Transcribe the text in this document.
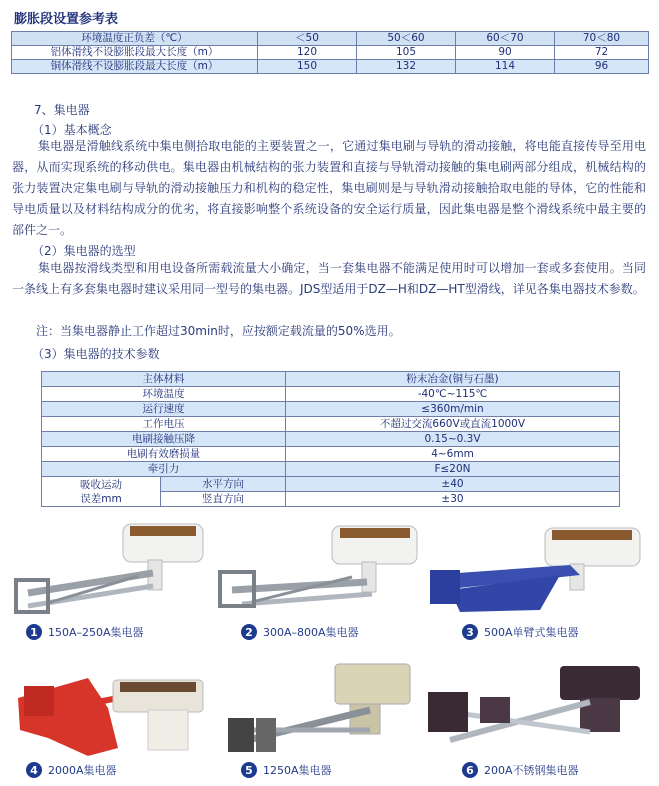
膨胀段设置参考表
环境温度正负差（℃）	＜50	50＜60	60＜70	70＜80
铝体滑线不设膨胀段最大长度（m）	120	105	90	72
铜体滑线不设膨胀段最大长度（m）	150	132	114	96
7、集电器
（1）基本概念
集电器是滑触线系统中集电侧拾取电能的主要装置之一，它通过集电刷与导轨的滑动接触，将电能直接传导至用电器，从而实现系统的移动供电。集电器由机械结构的张力装置和直接与导轨滑动接触的集电刷两部分组成，机械结构的张力装置决定集电刷与导轨的滑动接触压力和机构的稳定性，集电刷则是与导轨滑动接触拾取电能的导体，它的性能和导电质量以及材料结构成分的优劣，将直接影响整个系统设备的安全运行质量，因此集电器是整个滑线系统中最主要的部件之一。
（2）集电器的选型
集电器按滑线类型和用电设备所需载流量大小确定，当一套集电器不能满足使用时可以增加一套或多套使用。当同一条线上有多套集电器时建议采用同一型号的集电器。JDS型适用于DZ—H和DZ—HT型滑线，详见各集电器技术参数。
注：当集电器静止工作超过30min时，应按额定载流量的50%选用。
（3）集电器的技术参数
主体材料		粉末冶金(铜与石墨)
环境温度		-40℃~115℃
运行速度		≤360m/min
工作电压		不超过交流660V或直流1000V
电刷接触压降		0.15~0.3V
电刷有效磨损量		4~6mm
牵引力		F≤20N
吸收运动
误差mm	水平方向	±40
	竖直方向	±30
1 150A–250A集电器	2 300A–800A集电器	3 500A单臂式集电器
4 2000A集电器	5 1250A集电器	6 200A不锈钢集电器
